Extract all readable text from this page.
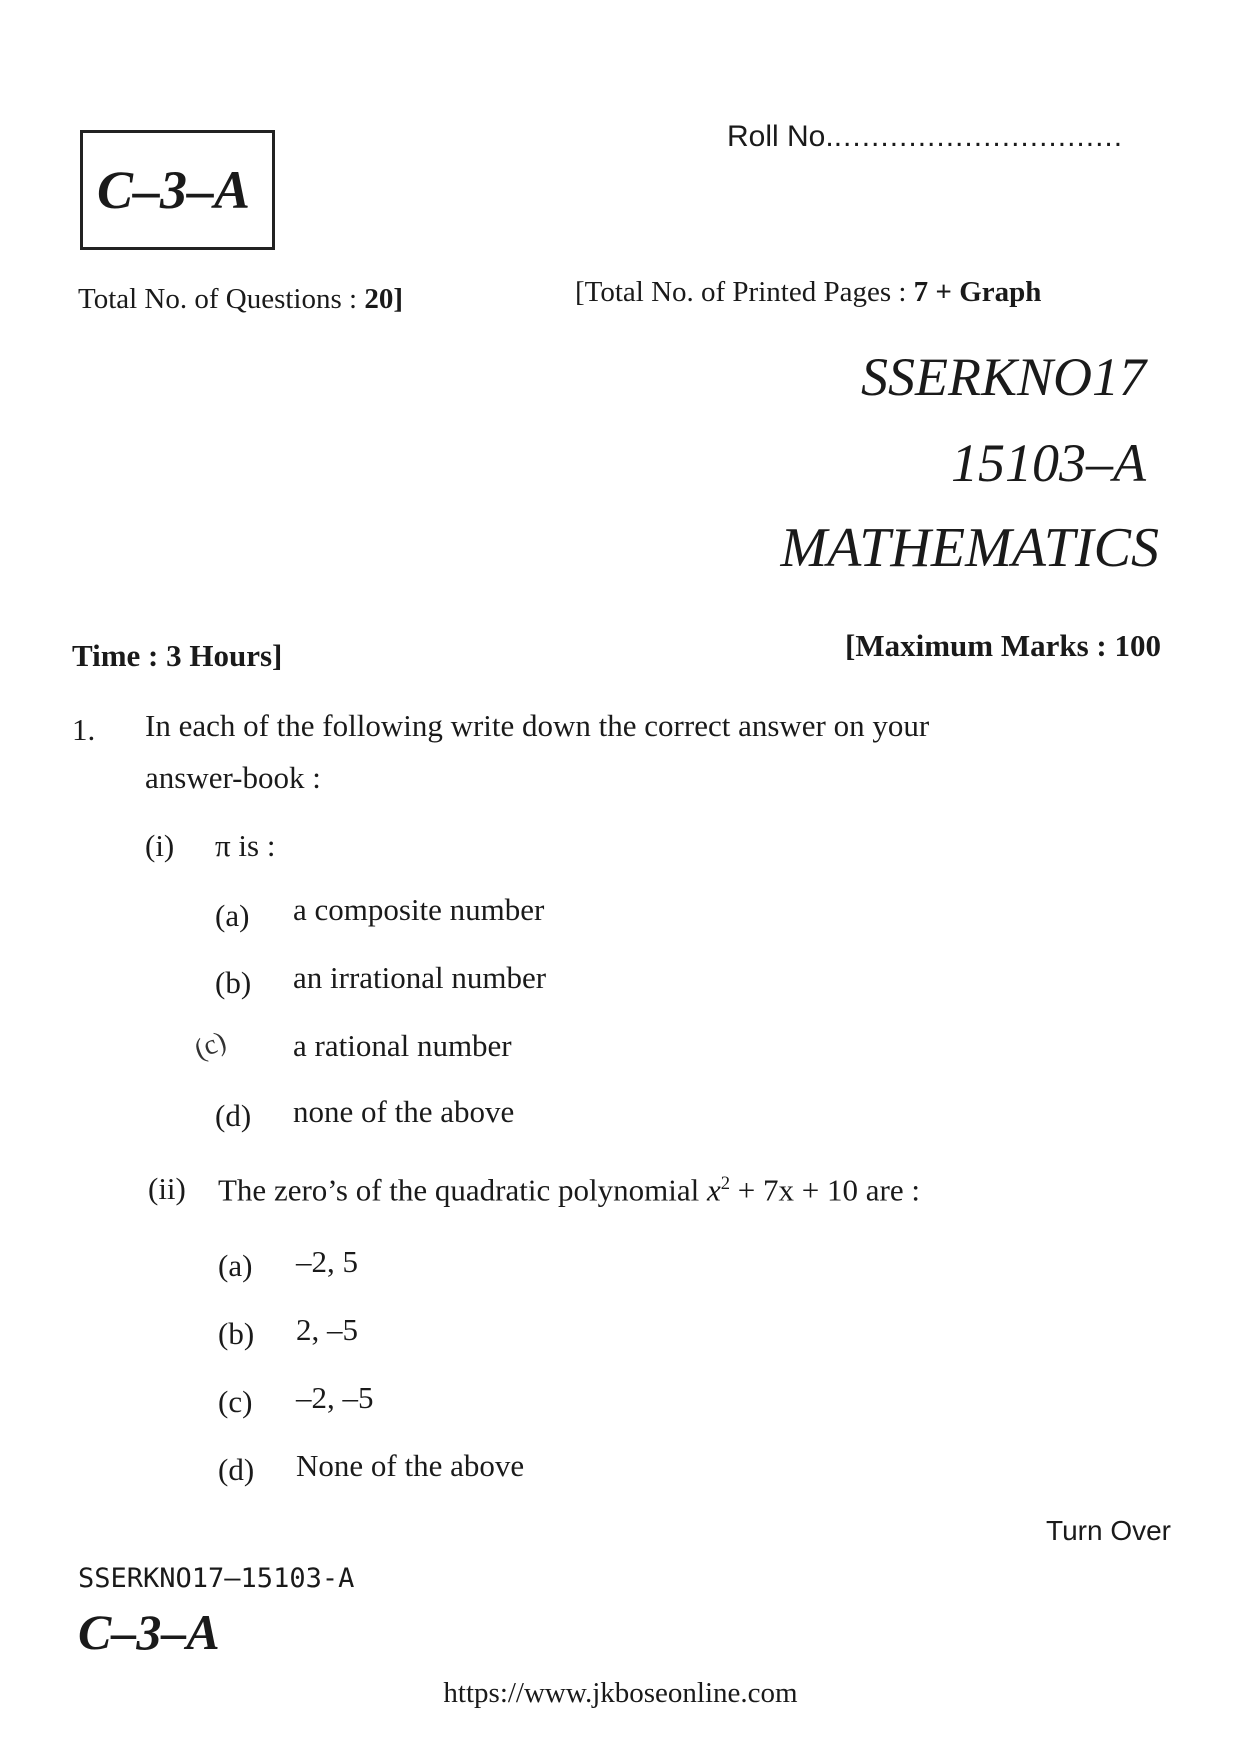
C–3–A
Roll No................................
Total No. of Questions : 20]	[Total No. of Printed Pages : 7 + Graph
SSERKNO17
15103–A
MATHEMATICS
Time : 3 Hours]	[Maximum Marks : 100
1. In each of the following write down the correct answer on your
answer-book :
(i) π is :
(a) a composite number
(b) an irrational number
(c) a rational number
(d) none of the above
(ii) The zero’s of the quadratic polynomial $x^2 + 7x + 10$ are :
(a) –2, 5
(b) 2, –5
(c) –2, –5
(d) None of the above
Turn Over
SSERKNO17—15103-A
C–3–A
https://www.jkboseonline.com
